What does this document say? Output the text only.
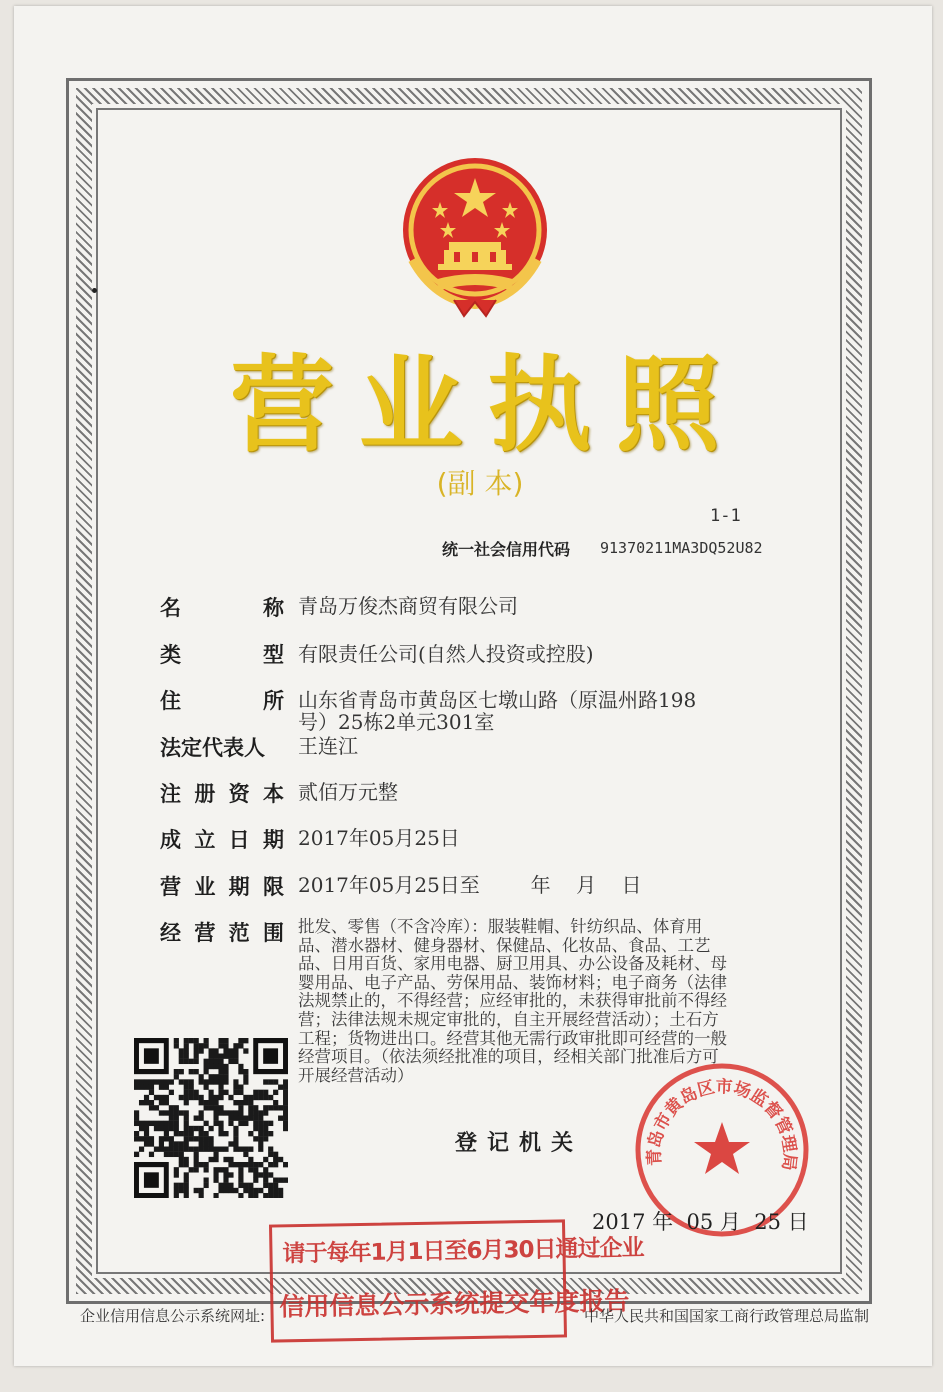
营 业 执 照
(副 本)
1-1
统一社会信用代码 91370211MA3DQ52U82
名	称 青岛万俊杰商贸有限公司
类	型 有限责任公司(自然人投资或控股)
住	所 山东省青岛市黄岛区七墩山路（原温州路198
号）25栋2单元301室
法定代表人	王连江
注 册 资 本 贰佰万元整
成 立 日 期 2017年05月25日
营 业 期 限 2017年05月25日至        年    月    日
经 营 范 围 批发、零售（不含冷库）：服装鞋帽、针纺织品、体育用
品、潜水器材、健身器材、保健品、化妆品、食品、工艺
品、日用百货、家用电器、厨卫用具、办公设备及耗材、母
婴用品、电子产品、劳保用品、装饰材料；电子商务（法律
法规禁止的，不得经营；应经审批的，未获得审批前不得经
营；法律法规未规定审批的，自主开展经营活动）；土石方
工程；货物进出口。经营其他无需行政审批即可经营的一般
经营项目。（依法须经批准的项目，经相关部门批准后方可
开展经营活动）
登记机关
青岛市黄岛区市场监督管理局
2017 年  05 月  25 日
请于每年1月1日至6月30日通过企业
信用信息公示系统提交年度报告
企业信用信息公示系统网址:	中华人民共和国国家工商行政管理总局监制
